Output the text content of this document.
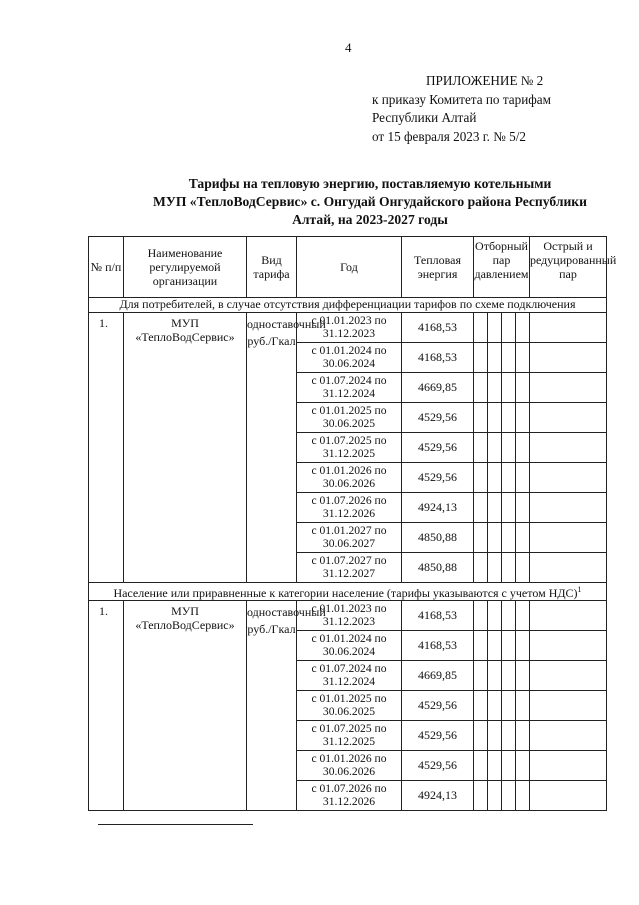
4
ПРИЛОЖЕНИЕ № 2
к приказу Комитета по тарифам
Республики Алтай
от 15 февраля 2023 г. № 5/2
Тарифы на тепловую энергию, поставляемую котельными
МУП «ТеплоВодСервис» с. Онгудай Онгудайского района Республики
Алтай, на 2023-2027 годы
№ п/п	Наименование регулируемой организации	Вид тарифа	Год	Тепловая энергия	Отборный пар давлением				Острый и редуцированный пар
Для потребителей, в случае отсутствия дифференциации тарифов по схеме подключения									
1.	МУП «ТеплоВодСервис»	одноставочный руб./Гкал	с 01.01.2023 по 31.12.2023	4168,53					
			с 01.01.2024 по 30.06.2024	4168,53					
			с 01.07.2024 по 31.12.2024	4669,85					
			с 01.01.2025 по 30.06.2025	4529,56					
			с 01.07.2025 по 31.12.2025	4529,56					
			с 01.01.2026 по 30.06.2026	4529,56					
			с 01.07.2026 по 31.12.2026	4924,13					
			с 01.01.2027 по 30.06.2027	4850,88					
			с 01.07.2027 по 31.12.2027	4850,88					
Население или приравненные к категории население (тарифы указываются с учетом НДС)$^1$
1.	МУП «ТеплоВодСервис»	одноставочный руб./Гкал	с 01.01.2023 по 31.12.2023	4168,53					
			с 01.01.2024 по 30.06.2024	4168,53					
			с 01.07.2024 по 31.12.2024	4669,85					
			с 01.01.2025 по 30.06.2025	4529,56					
			с 01.07.2025 по 31.12.2025	4529,56					
			с 01.01.2026 по 30.06.2026	4529,56					
			с 01.07.2026 по 31.12.2026	4924,13					
